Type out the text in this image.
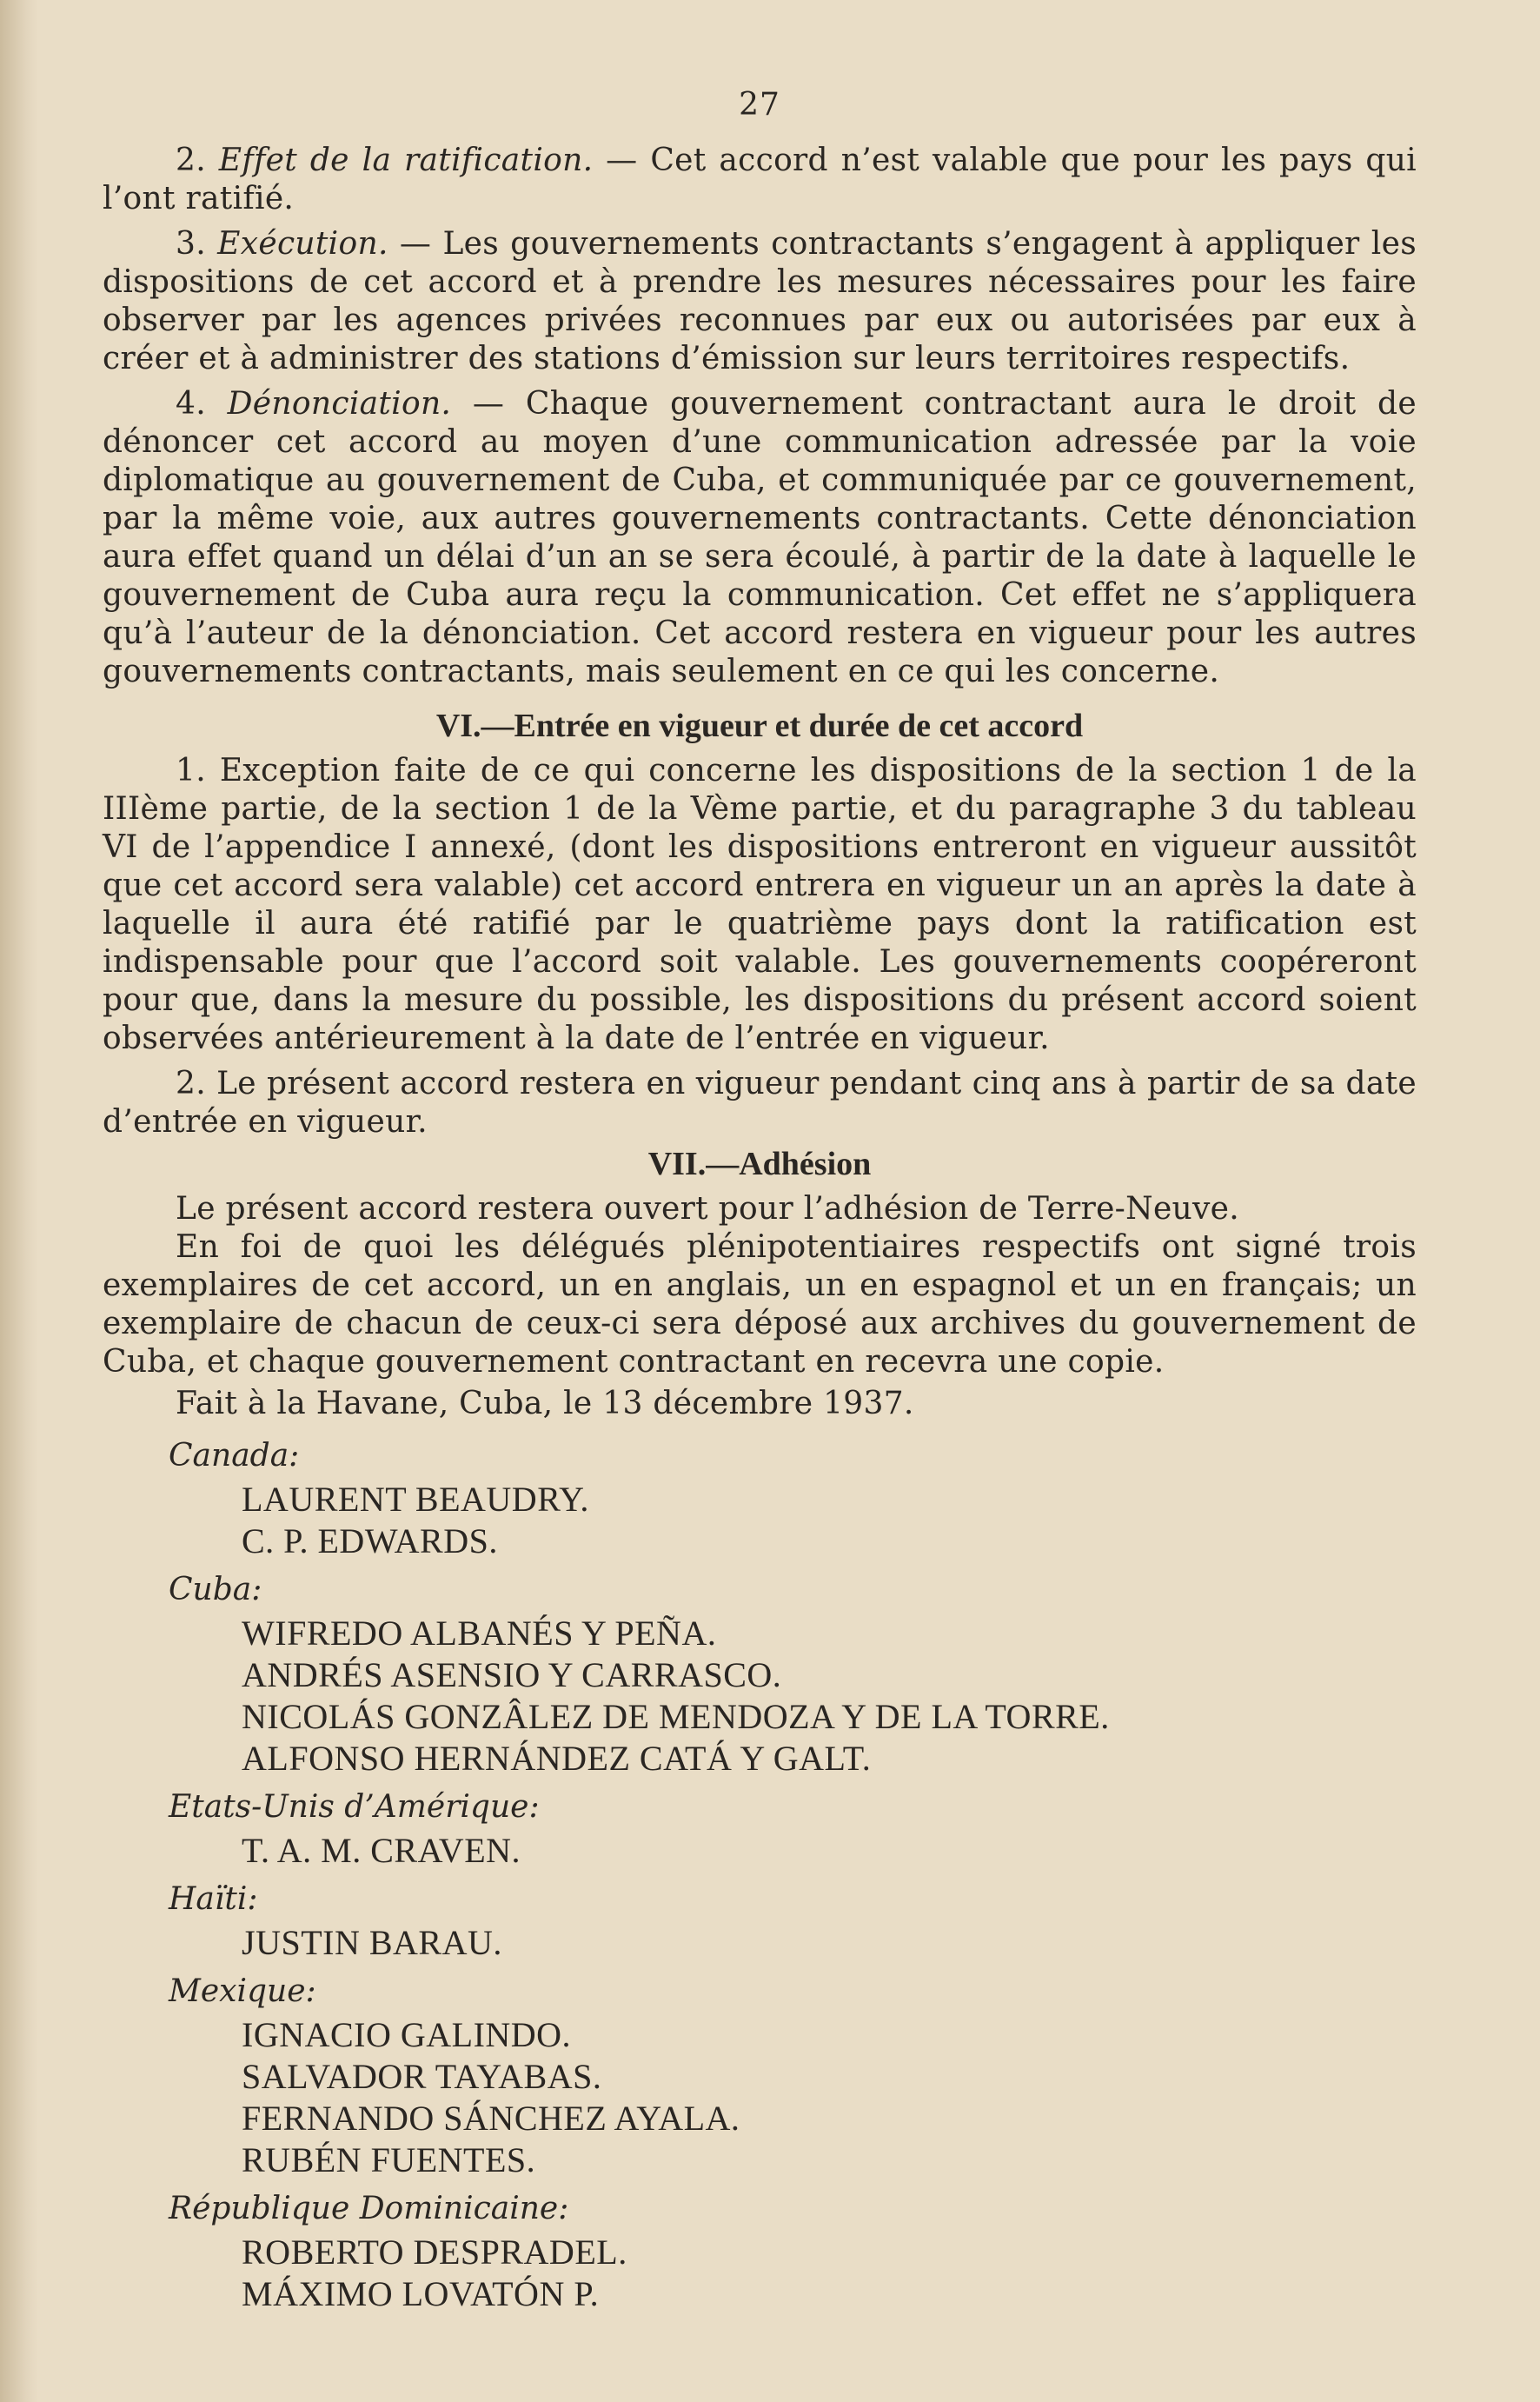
27

2. Effet de la ratification. — Cet accord n’est valable que pour les pays qui l’ont ratifié.

3. Exécution. — Les gouvernements contractants s’engagent à appliquer les dispositions de cet accord et à prendre les mesures nécessaires pour les faire observer par les agences privées reconnues par eux ou autorisées par eux à créer et à administrer des stations d’émission sur leurs territoires respectifs.

4. Dénonciation. — Chaque gouvernement contractant aura le droit de dénoncer cet accord au moyen d’une communication adressée par la voie diplomatique au gouvernement de Cuba, et communiquée par ce gouvernement, par la même voie, aux autres gouvernements contractants. Cette dénonciation aura effet quand un délai d’un an se sera écoulé, à partir de la date à laquelle le gouvernement de Cuba aura reçu la communication. Cet effet ne s’appliquera qu’à l’auteur de la dénonciation. Cet accord restera en vigueur pour les autres gouvernements contractants, mais seulement en ce qui les concerne.

VI.—Entrée en vigueur et durée de cet accord

1. Exception faite de ce qui concerne les dispositions de la section 1 de la IIIème partie, de la section 1 de la Vème partie, et du paragraphe 3 du tableau VI de l’appendice I annexé, (dont les dispositions entreront en vigueur aussitôt que cet accord sera valable) cet accord entrera en vigueur un an après la date à laquelle il aura été ratifié par le quatrième pays dont la ratification est indispensable pour que l’accord soit valable. Les gouvernements coopéreront pour que, dans la mesure du possible, les dispositions du présent accord soient observées antérieurement à la date de l’entrée en vigueur.

2. Le présent accord restera en vigueur pendant cinq ans à partir de sa date d’entrée en vigueur.

VII.—Adhésion

Le présent accord restera ouvert pour l’adhésion de Terre-Neuve.

En foi de quoi les délégués plénipotentiaires respectifs ont signé trois exemplaires de cet accord, un en anglais, un en espagnol et un en français; un exemplaire de chacun de ceux-ci sera déposé aux archives du gouvernement de Cuba, et chaque gouvernement contractant en recevra une copie.

Fait à la Havane, Cuba, le 13 décembre 1937.

Canada:
LAURENT BEAUDRY.
C. P. EDWARDS.
Cuba:
WIFREDO ALBANÉS Y PEÑA.
ANDRÉS ASENSIO Y CARRASCO.
NICOLÁS GONZÂLEZ DE MENDOZA Y DE LA TORRE.
ALFONSO HERNÁNDEZ CATÁ Y GALT.
Etats-Unis d’Amérique:
T. A. M. CRAVEN.
Haïti:
JUSTIN BARAU.
Mexique:
IGNACIO GALINDO.
SALVADOR TAYABAS.
FERNANDO SÁNCHEZ AYALA.
RUBÉN FUENTES.
République Dominicaine:
ROBERTO DESPRADEL.
MÁXIMO LOVATÓN P.
